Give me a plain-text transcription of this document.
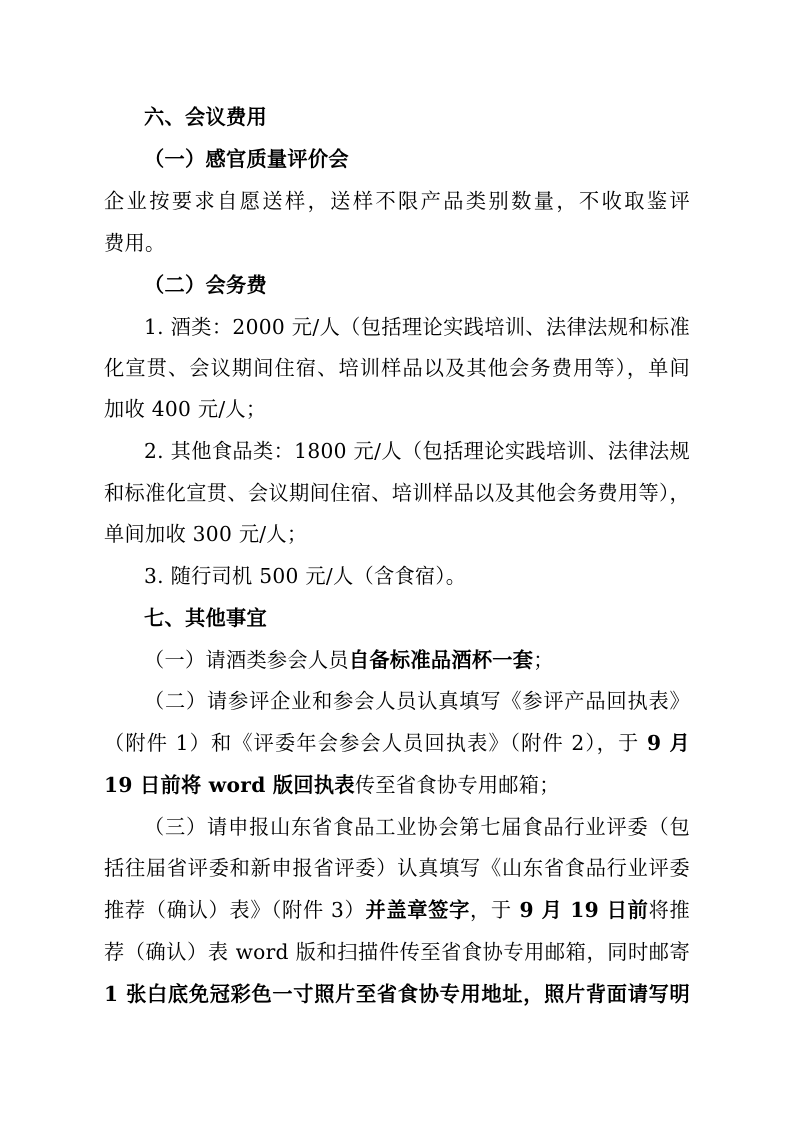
六、会议费用
（一）感官质量评价会
企业按要求自愿送样，送样不限产品类别数量，不收取鉴评
费用。
（二）会务费
1. 酒类：2000 元/人（包括理论实践培训、法律法规和标准
化宣贯、会议期间住宿、培训样品以及其他会务费用等），单间
加收 400 元/人；
2. 其他食品类：1800 元/人（包括理论实践培训、法律法规
和标准化宣贯、会议期间住宿、培训样品以及其他会务费用等），
单间加收 300 元/人；
3. 随行司机 500 元/人（含食宿）。
七、其他事宜
（一）请酒类参会人员自备标准品酒杯一套；
（二）请参评企业和参会人员认真填写《参评产品回执表》
（附件 1）和《评委年会参会人员回执表》（附件 2），于 9 月
19 日前将 word 版回执表传至省食协专用邮箱；
（三）请申报山东省食品工业协会第七届食品行业评委（包
括往届省评委和新申报省评委）认真填写《山东省食品行业评委
推荐（确认）表》（附件 3）并盖章签字，于 9 月 19 日前将推
荐（确认）表 word 版和扫描件传至省食协专用邮箱，同时邮寄
1 张白底免冠彩色一寸照片至省食协专用地址，照片背面请写明
